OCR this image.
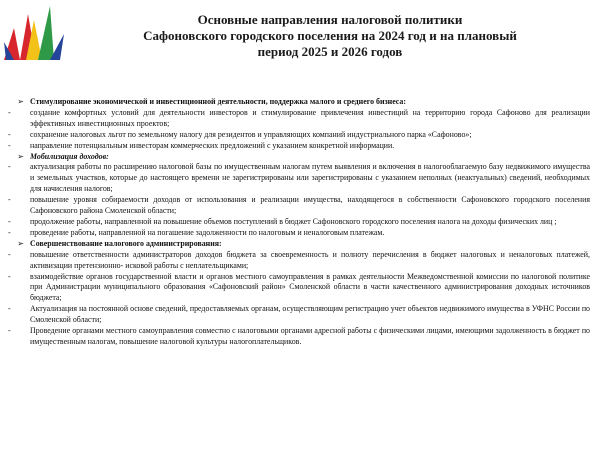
Основные направления налоговой политики
Сафоновского городского поселения на 2024 год и на плановый
период 2025 и 2026 годов
➢ Стимулирование экономической и инвестиционной деятельности, поддержка малого и среднего бизнеса:
-	создание комфортных условий для деятельности инвесторов и стимулирование привлечения инвестиций на территорию города Сафоново для реализации эффективных инвестиционных проектов;
-	сохранение налоговых льгот по земельному налогу для резидентов и управляющих компаний индустриального парка «Сафоново»;
-	направление потенциальным инвесторам коммерческих предложений с указанием конкретной информации.
➢ Мобилизация доходов:
-	актуализация работы по расширению налоговой базы по имущественным налогам путем выявления и включения в налогооблагаемую базу недвижимого имущества и земельных участков, которые до настоящего времени не зарегистрированы или зарегистрированы с указанием неполных (неактуальных) сведений, необходимых для начисления налогов;
-	повышение уровня собираемости доходов от использования и реализации имущества, находящегося в собственности Сафоновского городского поселения Сафоновского района Смоленской области;
-	продолжение работы, направленной на повышение объемов поступлений в бюджет Сафоновского городского поселения налога на доходы физических лиц ;
-	проведение работы, направленной на погашение задолженности по налоговым и неналоговым платежам.
➢ Совершенствование налогового администрирования:
-	повышение ответственности администраторов доходов бюджета за своевременность и полноту перечисления в бюджет налоговых и неналоговых платежей, активизации претензионно- исковой работы с неплательщиками;
-	взаимодействие органов государственной власти и органов местного самоуправления в рамках деятельности Межведомственной комиссии по налоговой политике при Администрации муниципального образования «Сафоновский район» Смоленской области в части качественного администрирования доходных источников бюджета;
-	Актуализация на постоянной основе сведений, предоставляемых органам, осуществляющим регистрацию учет объектов недвижимого имущества в УФНС России по Смоленской области;
-	Проведение органами местного самоуправления совместно с налоговыми органами адресной работы с физическими лицами, имеющими задолженность в бюджет по имущественным налогам, повышение налоговой культуры налогоплательщиков.
